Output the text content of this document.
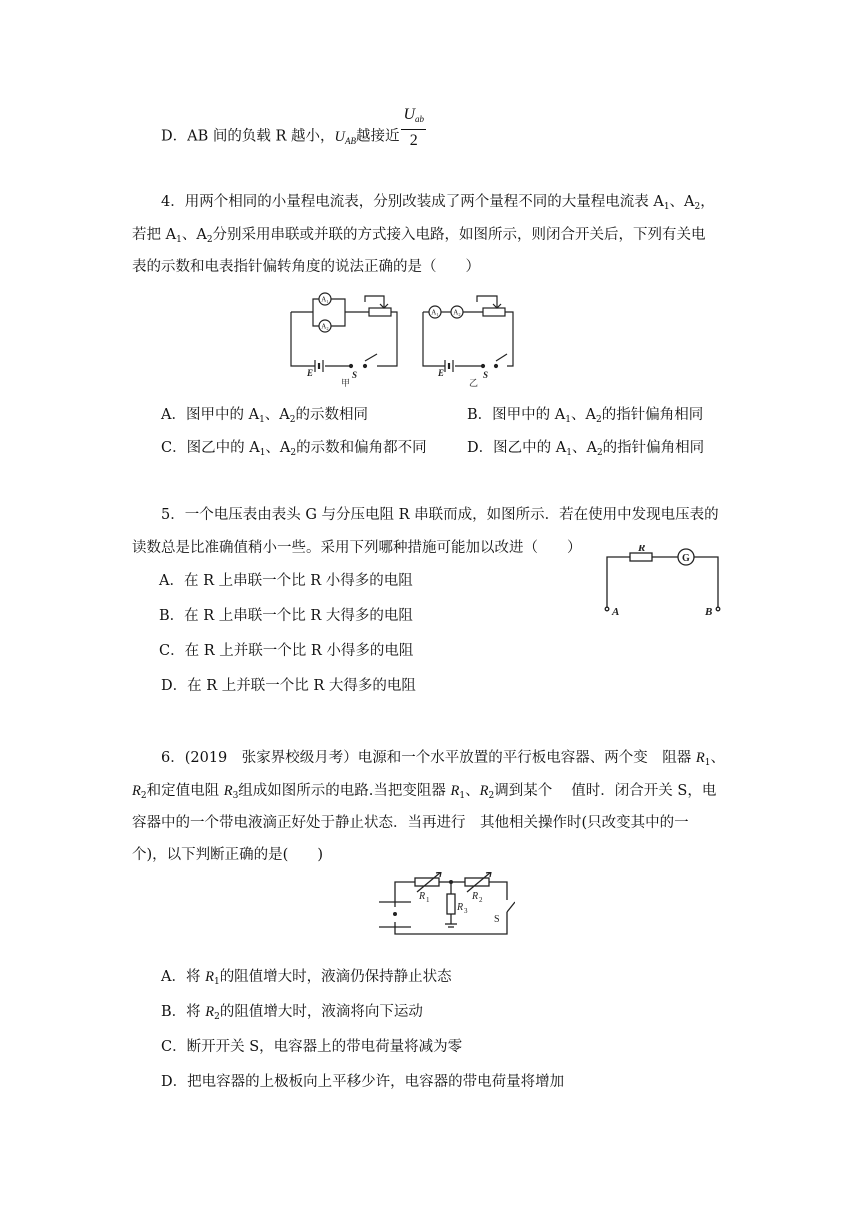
D．AB 间的负载 R 越小，$U_{AB}$越接近 $\frac{U_{ab}}{2}$
4．用两个相同的小量程电流表，分别改装成了两个量程不同的大量程电流表 $A_1$、$A_2$，
若把 $A_1$、$A_2$分别采用串联或并联的方式接入电路，如图所示，则闭合开关后，下列有关电
表的示数和电表指针偏转角度的说法正确的是（　　）
A₁
A₂
A₁ A₂
E	S	E	S
甲	乙
A．图甲中的 $A_1$、$A_2$的示数相同	B．图甲中的 $A_1$、$A_2$的指针偏角相同
C．图乙中的 $A_1$、$A_2$的示数和偏角都不同	D．图乙中的 $A_1$、$A_2$的指针偏角相同
5．一个电压表由表头 G 与分压电阻 R 串联而成，如图所示．若在使用中发现电压表的
读数总是比准确值稍小一些。采用下列哪种措施可能加以改进（　　）
A．在 R 上串联一个比 R 小得多的电阻
B．在 R 上串联一个比 R 大得多的电阻
C．在 R 上并联一个比 R 小得多的电阻
D．在 R 上并联一个比 R 大得多的电阻
R
G
A	B
6．(2019　张家界校级月考）电源和一个水平放置的平行板电容器、两个变　阻器 $R_1$、
$R_2$和定值电阻 $R_3$组成如图所示的电路.当把变阻器 $R_1$、$R_2$调到某个　 值时．闭合开关 S，电
容器中的一个带电液滴正好处于静止状态．当再进行　其他相关操作时(只改变其中的一
个)，以下判断正确的是(　　)
R 1
R 3
R 2
S
A．将 $R_1$的阻值增大时，液滴仍保持静止状态
B．将 $R_2$的阻值增大时，液滴将向下运动
C．断开开关 S，电容器上的带电荷量将减为零
D．把电容器的上极板向上平移少许，电容器的带电荷量将增加
